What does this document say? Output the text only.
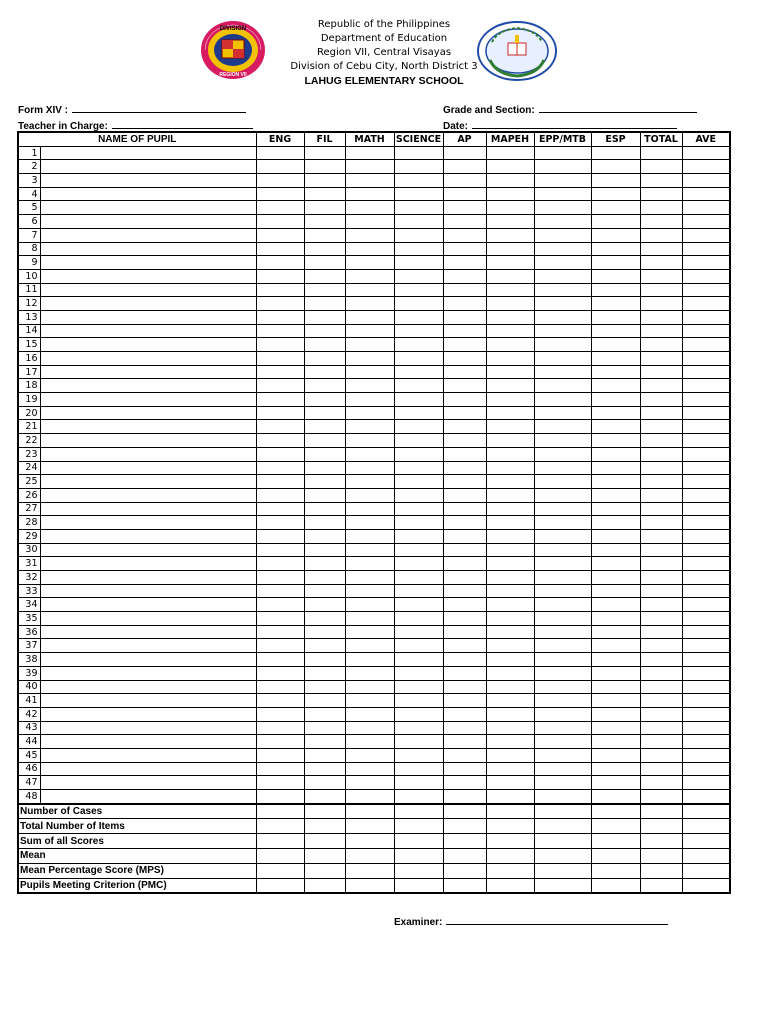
DIVISION
REGION VII
Republic of the Philippines
Department of Education
Region VII, Central Visayas
Division of Cebu City, North District 3
LAHUG ELEMENTARY SCHOOL
Form XIV :	Grade and Section:
Teacher in Charge:	Date:
NAME OF PUPIL		ENG	FIL	MATH	SCIENCE	AP	MAPEH	EPP/MTB	ESP	TOTAL	AVE
1											
2											
3											
4											
5											
6											
7											
8											
9											
10											
11											
12											
13											
14											
15											
16											
17											
18											
19											
20											
21											
22											
23											
24											
25											
26											
27											
28											
29											
30											
31											
32											
33											
34											
35											
36											
37											
38											
39											
40											
41											
42											
43											
44											
45											
46											
47											
48											
Number of Cases											
Total Number of Items											
Sum of all Scores											
Mean											
Mean Percentage Score (MPS)											
Pupils Meeting Criterion (PMC)											
Examiner:
